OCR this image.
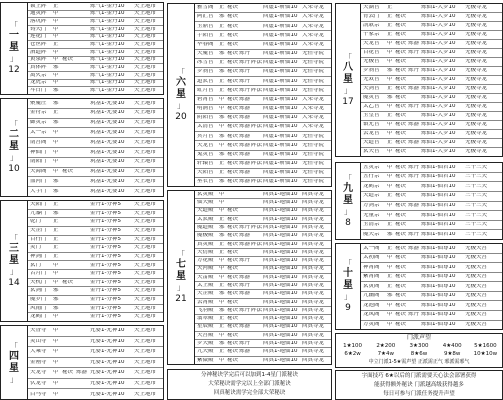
「
一
星
」
12
锁上阵	正	炼气1-金丹10	天上地市
通灵阵	中	炼气1-金丹10	天上地市
落坑阵	中	炼气1-金丹10	天上地市
铸天门	中	炼气1-金丹10	天上地市
莲花门	中	炼气1-金丹10	天上地市
苍丝阵	正	炼气1-金丹10	天上地市
酒道阵	中	炼气1-金丹10	天上地市
黄泉阵	中 秘诀	炼气1-金丹10	天上地市
真体阵	邪	炼气1-金丹10	天上地市
离火宗	中	炼气1-金丹10	天上地市
龙虎宗	中	炼气1-金丹10	天上地市
斗日门	邪	炼气1-金丹10	天上地市
「
二
星
」
10
聚魔庄	邪	筑基1-元婴10	天上地市
金符宗	正	筑基1-元婴10	天上地市
御灵宗	邪	筑基1-元婴10	天上地市
太一宗	中	筑基1-元婴10	天上地市
南宫阁	中	筑基1-元婴10	天上地市
神仙门	中	筑基1-元婴10	天上地市
南阳门	中	筑基1-元婴10	天上地市
天海阁	中 秘诀	筑基1-元婴10	天上地市
血河门	邪	筑基1-元婴10	天上地市
大宇门	邪	筑基1-元婴10	天上地市
「
三
星
」
14
天阳门	正	金丹1-分神5	天上地市
九黎门	邪	金丹1-分神5	天上地市
乾门	正	金丹1-分神5	天上地市
天罡门	正	金丹1-分神5	天上地市
百行门	正	金丹1-分神5	天上地市
灵门	正	金丹1-分神5	天上地市
神剑门	正	金丹1-分神5	天上地市
玄门	中	金丹1-分神5	天上地市
古月门	中	金丹1-分神5	天上地市
天机门	中 秘诀	金丹1-分神5	天上地市
玄剑门	邪	金丹1-分神5	天上地市
魔罗门	邪	金丹1-分神5	天上地市
风雨门	邪	金丹1-分神5	天上地市
龙鹤门	中	金丹1-分神5	天上地市
「
四
星
」
天香寺	中	元婴1-元神10	天上地市
灵山寺	中	元婴1-元神10	天上地市
大乘寺	中	元婴1-元神10	天上地市
金刚寺	中	元婴1-元神10	天上地市
天龙寺	中 秘诀 炼器 元婴1-元神10	天上地市
伏龙寺	中	元婴1-元神10	天上地市
白马寺	中	元婴1-元神10	天上地市
「
六
星
」
20
雅雪阁 正 秘诀	回虚1-斩仙10 大荣寻龙
阿汇宫 邪 秘诀	回虚1-斩仙10 大荣寻龙
玉鼎宫 正 秘诀	回虚1-斩仙10 大荣寻龙
宇阳宫 正 秘诀	回虚1-斩仙10 大荣寻龙
毕春阁 正 秘诀	回虚1-斩仙10 大荣寻龙
天魔宫 邪 秘诀 炼丹 回虚1-斩仙10 无恒寺院
冰雪宫 正 秘诀 炼丹 阵法 回虚1-斩仙10 无恒寺院
罗刹宫 邪 秘诀 炼丹 回虚1-斩仙10 无恒寺院
道玄宫 正 秘诀 炼丹 回虚1-斩仙10 无恒寺院
虹月宫 正 秘诀 炼丹 阵法 回虚1-斩仙10 无恒寺院
碧霄宫 中 秘诀 炼器 回虚1-斩仙10 大荣寻龙
明洞宫 中 秘诀 炼器 回虚1-斩仙10 大荣寻龙
阴阳宫 邪 秘诀 炼器 回虚1-斩仙10 大荣寻龙
太清宫 中 秘诀 炼器 阵法 回虚1-斩仙10 大荣寻龙
冥月宫 邪 秘诀 炼器 回虚1-斩仙10 无恒寺院
天龙宫 中 秘诀 炼器 阵法 回虚1-斩仙10 无恒寺院
鬼灵宫 邪 秘诀 炼器 回虚1-斩仙10 无恒寺院
轩辕宫 正 秘诀 炼器 阵法 回虚1-斩仙10 无恒寺院
天阳宫 正 秘诀 炼器 回虚1-斩仙10 无恒寺院
巫衣宫 邪 秘诀 炼器 阵法 回虚1-斩仙10 无恒寺院
「
七
星
」
21
玄灵殿 中	回真1-地仙10 回真寻龙
仙天殿 中	回真1-地仙10 回真寻龙
天道殿 中 秘诀	回真1-地仙10 回真寻龙
太玄殿 正 秘诀	回真1-地仙10 回真寻龙
魔道殿 邪 秘诀 炼丹 阵法 回真1-地仙10 回真寻龙
魔极殿 邪 秘诀 炼器 回真1-地仙10 回真寻龙
真灵殿 正 秘诀 炼器 阵法 回真1-地仙10 回真寻龙
天衍殿 正 秘诀	回真1-地仙10 回真寻龙
万花殿 中 秘诀 炼丹 回真1-地仙10 回真寻龙
天河殿 中 秘诀	回真1-地仙10 回真寻龙
天雷殿 中 秘诀 炼器 回真1-地仙10 回真寻龙
太上殿 正 秘诀 炼丹 回真1-地仙10 回真寻龙
天罡殿 邪 秘诀 炼器 回真1-地仙10 回真寻龙
云霄殿 中 秘诀	回真1-地仙10 回真寻龙
飞羽殿 邪 秘诀 炼丹 阵法 回真1-地仙10 回真寻龙
翡翠殿 正 秘诀	回真1-地仙10 回真寻龙
星辰殿 正 秘诀 炼器 回真1-地仙10 回真寻龙
天宫殿 中 秘诀	回真1-地仙10 回真寻龙
罗天殿 邪 秘诀 炼丹 回真1-地仙10 回真寻龙
九天殿 正 秘诀 炼器 回真1-地仙10 回真寻龙
紫微殿 中 秘诀	回真1-地仙10 回真寻龙
分神秘诀学完后可以加到1-4星门派秘诀
大荣秘诀需学完以上全部门派秘诀
回真秘诀需学完全部大荣秘诀
「
八
星
」
17
天湖宫	正	炼仙1-大罗10	无极寻龙
青云门	正 秘诀	炼仙1-大罗10	无极寻龙
凯歌宗	正 秘诀	炼仙1-大罗10	无极寻龙
千家宗	正 秘诀	炼仙1-大罗10	无极寻龙
天龙宫	中 秘诀 炼器 炼仙1-大罗10	无极寻龙
百花宫	中 秘诀 炼丹 炼仙1-大罗10	无极寻龙
无极宫	中 秘诀	炼仙1-大罗10	无极寻龙
罗刹宫	邪 秘诀 炼丹 炼仙1-大罗10	无极寻龙
无双宫	中 秘诀	炼仙1-大罗10	无极寻龙
天剑宫	正 秘诀 炼器 炼仙1-大罗10	无极寻龙
魔灵宫	邪 秘诀	炼仙1-大罗10	无极寻龙
太乙宫	中 秘诀 炼丹 炼仙1-大罗10	无极寻龙
玉皇宫	正 秘诀	炼仙1-大罗10	无极寻龙
镇元宫	中 秘诀 炼器 炼仙1-大罗10	无极寻龙
云龙宫	中 秘诀	炼仙1-大罗10	无极寻龙
天道宫	正 秘诀 炼器 炼仙1-大罗10	无极寻龙
玄天宫	中 秘诀	炼仙1-大罗10	无极寻龙
「
九
星
」
8
五灵宗	中 秘诀 炼丹 炼仙1-仙君10	三十三天
五行宗	中 秘诀 炼丹 炼仙1-仙君10	三十三天
龙鹤宗	中 秘诀	炼仙1-仙君10	三十三天
天道宗	正 秘诀	炼仙1-仙君10	三十三天
万剑宗	中 秘诀 炼器 炼仙1-仙君10	三十三天
无量宗	中 秘诀	炼仙1-仙君10	三十三天
玉清宗	正 秘诀	炼仙1-仙君10	三十三天
魔天宗	邪 秘诀 炼丹 炼仙1-仙君10	三十三天
「
十
星
」
9
太一阁	正 秘诀 炼器 炼仙1-仙尊10	无极天宫
太初阁	中 秘诀	炼仙1-仙尊10	无极天宫
神霄阁	中 秘诀	炼仙1-仙尊10	无极天宫
紫霄阁	正 秘诀	炼仙1-仙尊10	无极天宫
玄黄阁	正 秘诀	炼仙1-仙尊10	无极天宫
九幽阁	邪 秘诀	炼仙1-仙尊10	无极天宫
龙池阁	中 秘诀	炼仙1-仙尊10	无极天宫
龙凤阁	中 秘诀 炼丹 炼仙1-仙尊10	无极天宫
万灵阁	中 秘诀	炼仙1-仙尊10	无极天宫
门派声望
1★100	2★200	3★300	4★400	5★1600
6★2w	7★4w	8★6w	9★8w	10★10w
中立门派1-5★需声望 正派需正气 邪派需邪气
字面技巧 6★以后的门派需要天心法会部署获得
能获得额外秘诀 门派越高级获得越多
每日可参与门派任务提升声望
